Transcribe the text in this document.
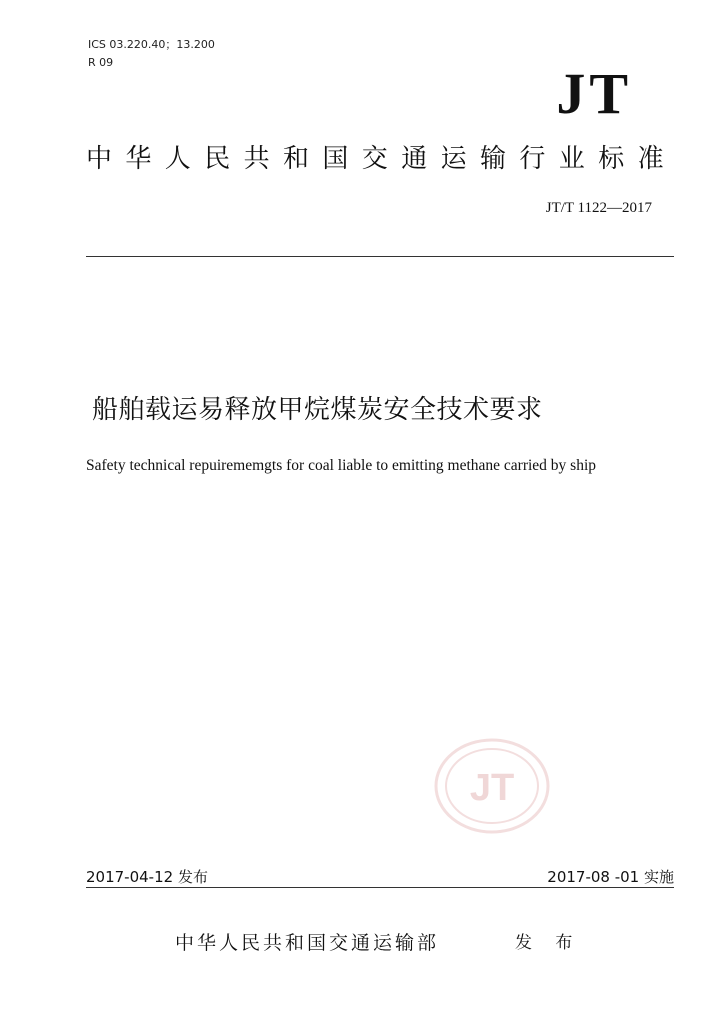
ICS 03.220.40；13.200
R 09	JT
中华人民共和国交通运输行业标准
JT/T 1122—2017
船舶载运易释放甲烷煤炭安全技术要求
Safety technical repuirememgts for coal liable to emitting methane carried by ship
JT
2017-04-12 发布	2017-08 -01 实施
中华人民共和国交通运输部	发 布
